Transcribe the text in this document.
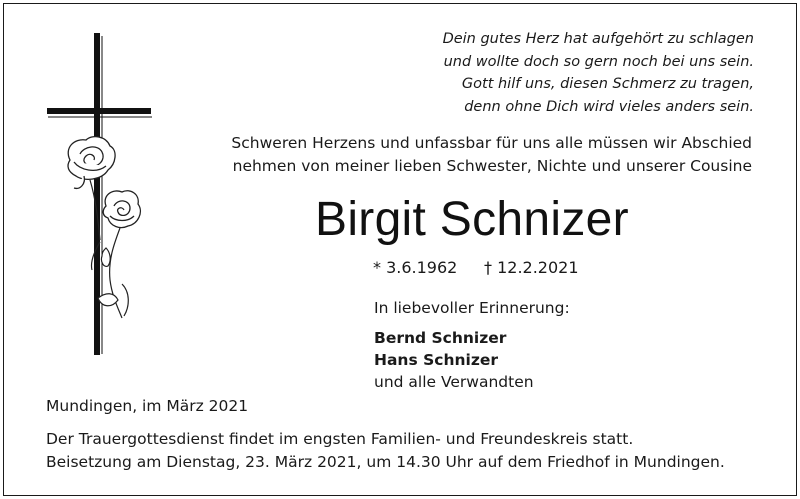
Dein gutes Herz hat aufgehört zu schlagen
und wollte doch so gern noch bei uns sein.
Gott hilf uns, diesen Schmerz zu tragen,
denn ohne Dich wird vieles anders sein.
Schweren Herzens und unfassbar für uns alle müssen wir Abschied
nehmen von meiner lieben Schwester, Nichte und unserer Cousine
Birgit Schnizer
* 3.6.1962 † 12.2.2021
In liebevoller Erinnerung:
Bernd Schnizer
Hans Schnizer
und alle Verwandten
Mundingen, im März 2021
Der Trauergottesdienst findet im engsten Familien- und Freundeskreis statt.
Beisetzung am Dienstag, 23. März 2021, um 14.30 Uhr auf dem Friedhof in Mundingen.
